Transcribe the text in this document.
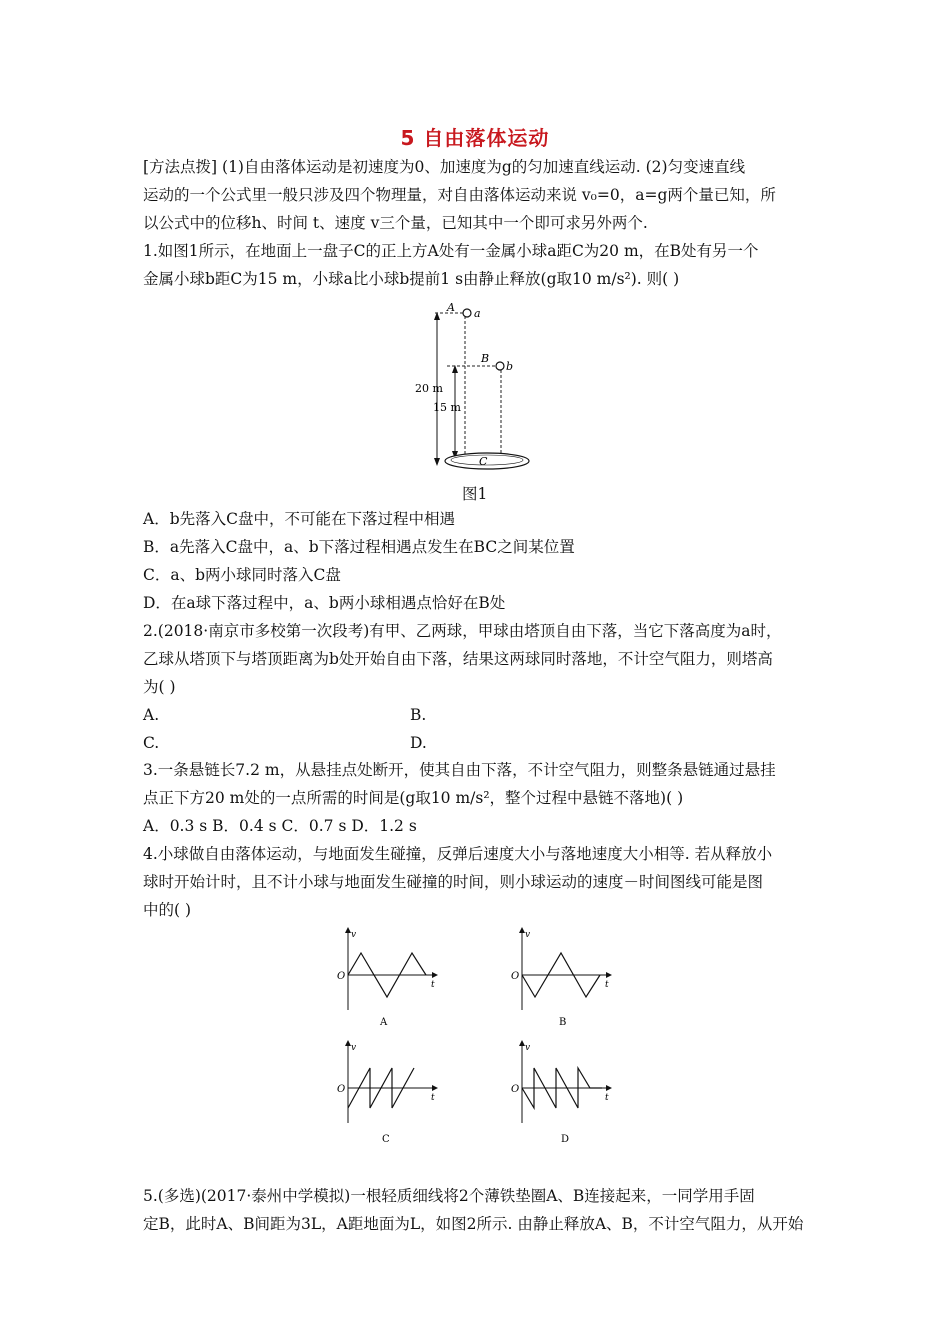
5 自由落体运动
[方法点拨] (1)自由落体运动是初速度为0、加速度为g的匀加速直线运动. (2)匀变速直线
运动的一个公式里一般只涉及四个物理量，对自由落体运动来说 v₀=0，a=g两个量已知，所
以公式中的位移h、时间 t、速度 v三个量，已知其中一个即可求另外两个.
1.如图1所示，在地面上一盘子C的正上方A处有一金属小球a距C为20 m，在B处有另一个
金属小球b距C为15 m，小球a比小球b提前1 s由静止释放(g取10 m/s²). 则( )
A a
B
b
C
20 m
15 m
图1
A．b先落入C盘中，不可能在下落过程中相遇
B．a先落入C盘中，a、b下落过程相遇点发生在BC之间某位置
C．a、b两小球同时落入C盘
D．在a球下落过程中，a、b两小球相遇点恰好在B处
2.(2018·南京市多校第一次段考)有甲、乙两球，甲球由塔顶自由下落，当它下落高度为a时，
乙球从塔顶下与塔顶距离为b处开始自由下落，结果这两球同时落地，不计空气阻力，则塔高
为( )
A.	B.
C.	D.
3.一条悬链长7.2 m，从悬挂点处断开，使其自由下落，不计空气阻力，则整条悬链通过悬挂
点正下方20 m处的一点所需的时间是(g取10 m/s²，整个过程中悬链不落地)( )
A．0.3 s B．0.4 s C．0.7 s D．1.2 s
4.小球做自由落体运动，与地面发生碰撞，反弹后速度大小与落地速度大小相等. 若从释放小
球时开始计时，且不计小球与地面发生碰撞的时间，则小球运动的速度－时间图线可能是图
中的( )
v
t
O
A
v
t
O
B
v
t
O
C
v
t
O
D
5.(多选)(2017·泰州中学模拟)一根轻质细线将2个薄铁垫圈A、B连接起来，一同学用手固
定B，此时A、B间距为3L，A距地面为L，如图2所示. 由静止释放A、B，不计空气阻力，从开始
